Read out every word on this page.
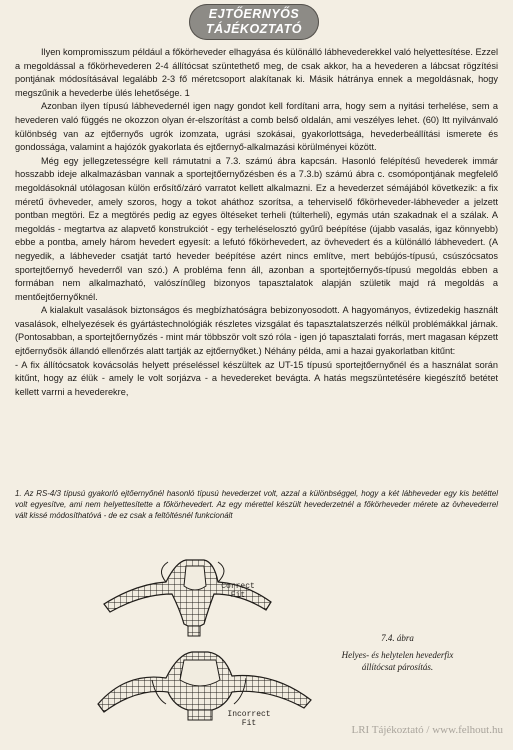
EJTŐERNYŐS
TÁJÉKOZTATÓ

Ilyen kompromisszum például a főkörheveder elhagyása és különálló lábhevederekkel való helyettesítése. Ezzel a megoldással a főkörhevederen 2-4 állítócsat szüntethető meg, de csak akkor, ha a hevederen a lábcsat rögzítési pontjának módosításával legalább 2-3 fő méretcsoport alakítanak ki. Másik hátránya ennek a megoldásnak, hogy megszűnik a hevederbe ülés lehetősége. 1

Azonban ilyen típusú lábhevedernél igen nagy gondot kell fordítani arra, hogy sem a nyitási terhelése, sem a hevederen való függés ne okozzon olyan ér-elszorítást a comb belső oldalán, ami veszélyes lehet. (60) Itt nyilvánvaló különbség van az ejtőernyős ugrók izomzata, ugrási szokásai, gyakorlottsága, hevederbeállítási ismerete és gondossága, valamint a hajózók gyakorlata és ejtőernyő-alkalmazási körülményei között.

Még egy jellegzetességre kell rámutatni a 7.3. számú ábra kapcsán. Hasonló felépítésű hevederek immár hosszabb ideje alkalmazásban vannak a sportejtőernyőzésben és a 7.3.b) számú ábra c. csomópontjának megfelelő megoldásoknál utólagosan külön erősítő/záró varratot kellett alkalmazni. Ez a hevederzet sémájából következik: a fix méretű övheveder, amely szoros, hogy a tokot aháthoz szorítsa, a teherviselő főkörheveder-lábheveder a jelzett pontban megtöri. Ez a megtörés pedig az egyes öltéseket terheli (túlterheli), egymás után szakadnak el a szálak. A megoldás - megtartva az alapvető konstrukciót - egy terheléselosztó gyűrű beépítése (újabb vasalás, igaz könnyebb) ebbe a pontba, amely három hevedert egyesít: a lefutó főkörhevedert, az övhevedert és a különálló lábhevedert. (A negyedik, a lábheveder csatját tartó heveder beépítése azért nincs említve, mert bebújós-típusú, csúszócsatos sportejtőernyő hevederről van szó.) A probléma fenn áll, azonban a sportejtőernyős-típusú megoldás ebben a formában nem alkalmazható, valószínűleg bizonyos tapasztalatok alapján születik majd rá megoldás a mentőejtőernyőknél.

A kialakult vasalások biztonságos és megbízhatóságra bebizonyosodott. A hagyományos, évtizedekig használt vasalások, elhelyezések és gyártástechnológiák részletes vizsgálat és tapasztalatszerzés nélkül problémákkal járnak. (Pontosabban, a sportejtőernyőzés - mint már többször volt szó róla - igen jó tapasztalati forrás, mert magasan képzett ejtőernyősök állandó ellenőrzés alatt tartják az ejtőernyőket.) Néhány példa, ami a hazai gyakorlatban kitűnt:

- A fix állítócsatok kovácsolás helyett préseléssel készültek az UT-15 típusú sportejtőernyőnél és a használat során kitűnt, hogy az élük - amely le volt sorjázva - a hevedereket bevágta. A hatás megszüntetésére kiegészítő betétet kellett varrni a hevederekre,

1. Az RS-4/3 típusú gyakorló ejtőernyőnél hasonló típusú hevederzet volt, azzal a különbséggel, hogy a két lábheveder egy kis betéttel volt egyesítve, ami nem helyettesítette a főkörhevedert. Az egy mérettel készült hevederzetnél a főkörheveder mérete az övhevederrel vált kissé módosíthatóvá - de ez csak a feltöltésnél funkcionált
Correct
Fit
Incorrect
Fit
7.4. ábra
Helyes- és helytelen hevederfix állítócsat párosítás.
LRI Tájékoztató / www.felhout.hu
